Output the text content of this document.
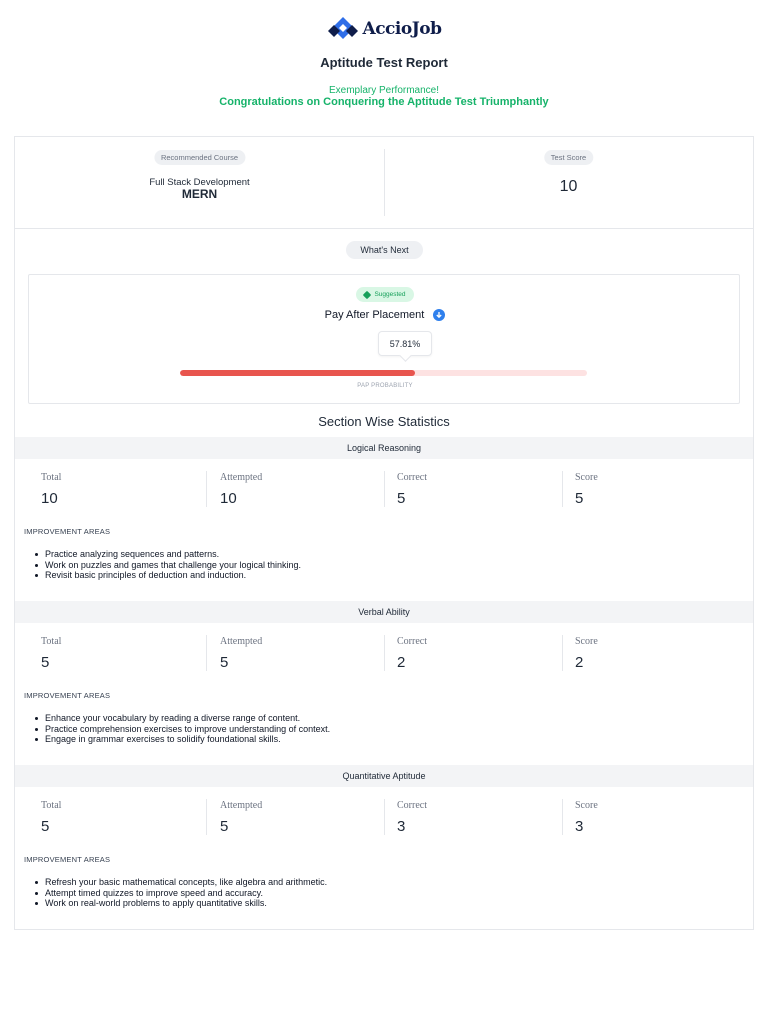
AccioJob
Aptitude Test Report
Exemplary Performance!
Congratulations on Conquering the Aptitude Test Triumphantly
Recommended Course
Full Stack Development
MERN
Test Score
10
What's Next
Suggested
Pay After Placement
57.81%
PAP PROBABILITY
Section Wise Statistics
Logical Reasoning
Total
10
Attempted
10
Correct
5
Score
5
IMPROVEMENT AREAS
Practice analyzing sequences and patterns.
Work on puzzles and games that challenge your logical thinking.
Revisit basic principles of deduction and induction.
Verbal Ability
Total
5
Attempted
5
Correct
2
Score
2
IMPROVEMENT AREAS
Enhance your vocabulary by reading a diverse range of content.
Practice comprehension exercises to improve understanding of context.
Engage in grammar exercises to solidify foundational skills.
Quantitative Aptitude
Total
5
Attempted
5
Correct
3
Score
3
IMPROVEMENT AREAS
Refresh your basic mathematical concepts, like algebra and arithmetic.
Attempt timed quizzes to improve speed and accuracy.
Work on real-world problems to apply quantitative skills.
